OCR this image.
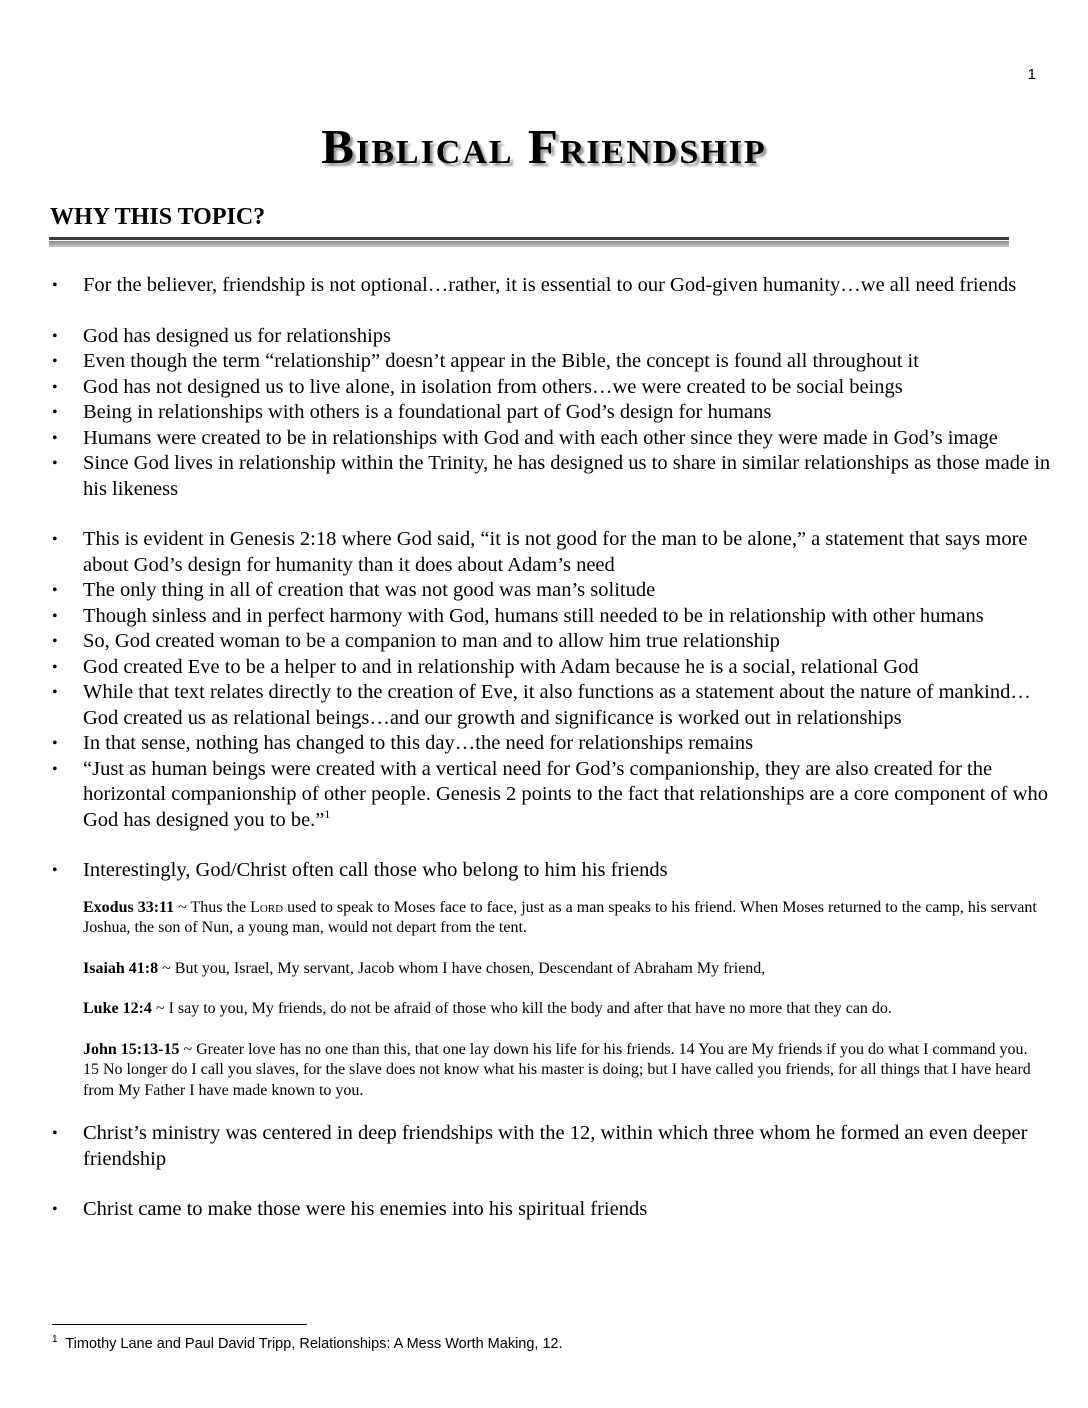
1
Biblical Friendship
WHY THIS TOPIC?
• For the believer, friendship is not optional…rather, it is essential to our God-given humanity…we all need friends
• God has designed us for relationships
• Even though the term “relationship” doesn’t appear in the Bible, the concept is found all throughout it
• God has not designed us to live alone, in isolation from others…we were created to be social beings
• Being in relationships with others is a foundational part of God’s design for humans
• Humans were created to be in relationships with God and with each other since they were made in God’s image
• Since God lives in relationship within the Trinity, he has designed us to share in similar relationships as those made in his likeness
• This is evident in Genesis 2:18 where God said, “it is not good for the man to be alone,” a statement that says more about God’s design for humanity than it does about Adam’s need
• The only thing in all of creation that was not good was man’s solitude
• Though sinless and in perfect harmony with God, humans still needed to be in relationship with other humans
• So, God created woman to be a companion to man and to allow him true relationship
• God created Eve to be a helper to and in relationship with Adam because he is a social, relational God
• While that text relates directly to the creation of Eve, it also functions as a statement about the nature of mankind…God created us as relational beings…and our growth and significance is worked out in relationships
• In that sense, nothing has changed to this day…the need for relationships remains
• “Just as human beings were created with a vertical need for God’s companionship, they are also created for the horizontal companionship of other people. Genesis 2 points to the fact that relationships are a core component of who God has designed you to be.”$^1$
• Interestingly, God/Christ often call those who belong to him his friends
Exodus 33:11 ~ Thus the Lord used to speak to Moses face to face, just as a man speaks to his friend. When Moses returned to the camp, his servant Joshua, the son of Nun, a young man, would not depart from the tent.
Isaiah 41:8 ~ But you, Israel, My servant, Jacob whom I have chosen, Descendant of Abraham My friend,
Luke 12:4 ~ I say to you, My friends, do not be afraid of those who kill the body and after that have no more that they can do.
John 15:13-15 ~ Greater love has no one than this, that one lay down his life for his friends. 14 You are My friends if you do what I command you. 15 No longer do I call you slaves, for the slave does not know what his master is doing; but I have called you friends, for all things that I have heard from My Father I have made known to you.
• Christ’s ministry was centered in deep friendships with the 12, within which three whom he formed an even deeper friendship
• Christ came to make those were his enemies into his spiritual friends
$^1$ Timothy Lane and Paul David Tripp, Relationships: A Mess Worth Making, 12.
